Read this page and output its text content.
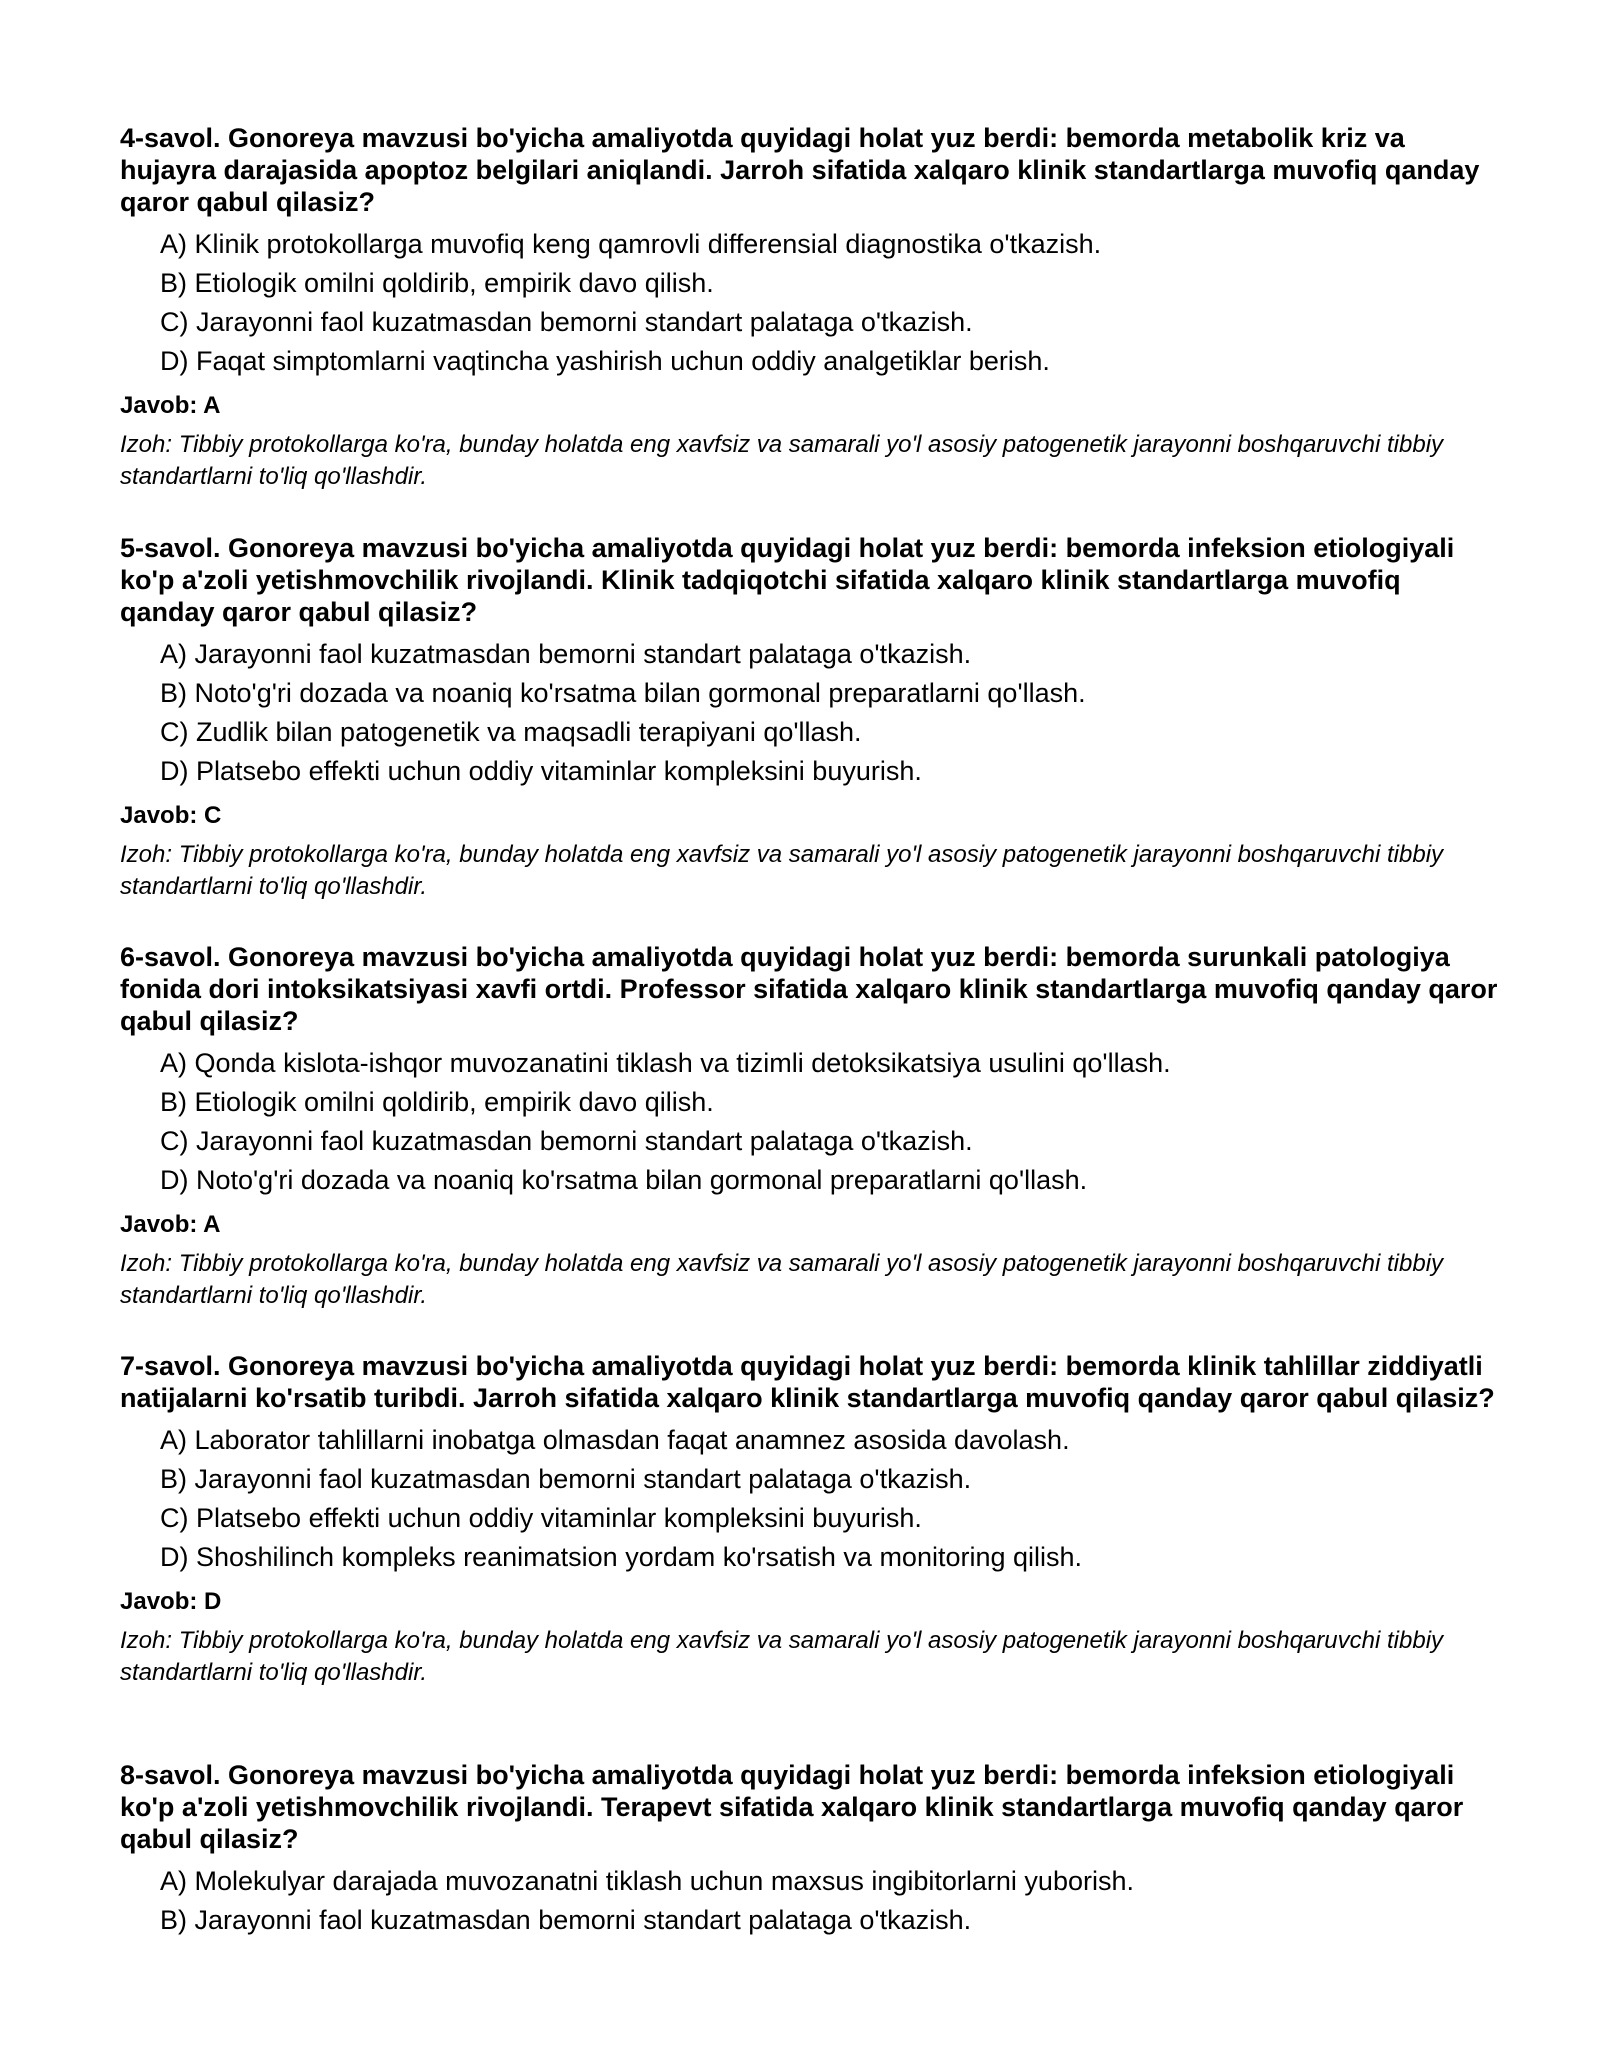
4-savol. Gonoreya mavzusi bo'yicha amaliyotda quyidagi holat yuz berdi: bemorda metabolik kriz va hujayra darajasida apoptoz belgilari aniqlandi. Jarroh sifatida xalqaro klinik standartlarga muvofiq qanday qaror qabul qilasiz?

A) Klinik protokollarga muvofiq keng qamrovli differensial diagnostika o'tkazish.
B) Etiologik omilni qoldirib, empirik davo qilish.
C) Jarayonni faol kuzatmasdan bemorni standart palataga o'tkazish.
D) Faqat simptomlarni vaqtincha yashirish uchun oddiy analgetiklar berish.

Javob: A

Izoh: Tibbiy protokollarga ko'ra, bunday holatda eng xavfsiz va samarali yo'l asosiy patogenetik jarayonni boshqaruvchi tibbiy standartlarni to'liq qo'llashdir.

5-savol. Gonoreya mavzusi bo'yicha amaliyotda quyidagi holat yuz berdi: bemorda infeksion etiologiyali ko'p a'zoli yetishmovchilik rivojlandi. Klinik tadqiqotchi sifatida xalqaro klinik standartlarga muvofiq qanday qaror qabul qilasiz?

A) Jarayonni faol kuzatmasdan bemorni standart palataga o'tkazish.
B) Noto'g'ri dozada va noaniq ko'rsatma bilan gormonal preparatlarni qo'llash.
C) Zudlik bilan patogenetik va maqsadli terapiyani qo'llash.
D) Platsebo effekti uchun oddiy vitaminlar kompleksini buyurish.

Javob: C

Izoh: Tibbiy protokollarga ko'ra, bunday holatda eng xavfsiz va samarali yo'l asosiy patogenetik jarayonni boshqaruvchi tibbiy standartlarni to'liq qo'llashdir.

6-savol. Gonoreya mavzusi bo'yicha amaliyotda quyidagi holat yuz berdi: bemorda surunkali patologiya fonida dori intoksikatsiyasi xavfi ortdi. Professor sifatida xalqaro klinik standartlarga muvofiq qanday qaror qabul qilasiz?

A) Qonda kislota-ishqor muvozanatini tiklash va tizimli detoksikatsiya usulini qo'llash.
B) Etiologik omilni qoldirib, empirik davo qilish.
C) Jarayonni faol kuzatmasdan bemorni standart palataga o'tkazish.
D) Noto'g'ri dozada va noaniq ko'rsatma bilan gormonal preparatlarni qo'llash.

Javob: A

Izoh: Tibbiy protokollarga ko'ra, bunday holatda eng xavfsiz va samarali yo'l asosiy patogenetik jarayonni boshqaruvchi tibbiy standartlarni to'liq qo'llashdir.

7-savol. Gonoreya mavzusi bo'yicha amaliyotda quyidagi holat yuz berdi: bemorda klinik tahlillar ziddiyatli natijalarni ko'rsatib turibdi. Jarroh sifatida xalqaro klinik standartlarga muvofiq qanday qaror qabul qilasiz?

A) Laborator tahlillarni inobatga olmasdan faqat anamnez asosida davolash.
B) Jarayonni faol kuzatmasdan bemorni standart palataga o'tkazish.
C) Platsebo effekti uchun oddiy vitaminlar kompleksini buyurish.
D) Shoshilinch kompleks reanimatsion yordam ko'rsatish va monitoring qilish.

Javob: D

Izoh: Tibbiy protokollarga ko'ra, bunday holatda eng xavfsiz va samarali yo'l asosiy patogenetik jarayonni boshqaruvchi tibbiy standartlarni to'liq qo'llashdir.

8-savol. Gonoreya mavzusi bo'yicha amaliyotda quyidagi holat yuz berdi: bemorda infeksion etiologiyali ko'p a'zoli yetishmovchilik rivojlandi. Terapevt sifatida xalqaro klinik standartlarga muvofiq qanday qaror qabul qilasiz?

A) Molekulyar darajada muvozanatni tiklash uchun maxsus ingibitorlarni yuborish.
B) Jarayonni faol kuzatmasdan bemorni standart palataga o'tkazish.
